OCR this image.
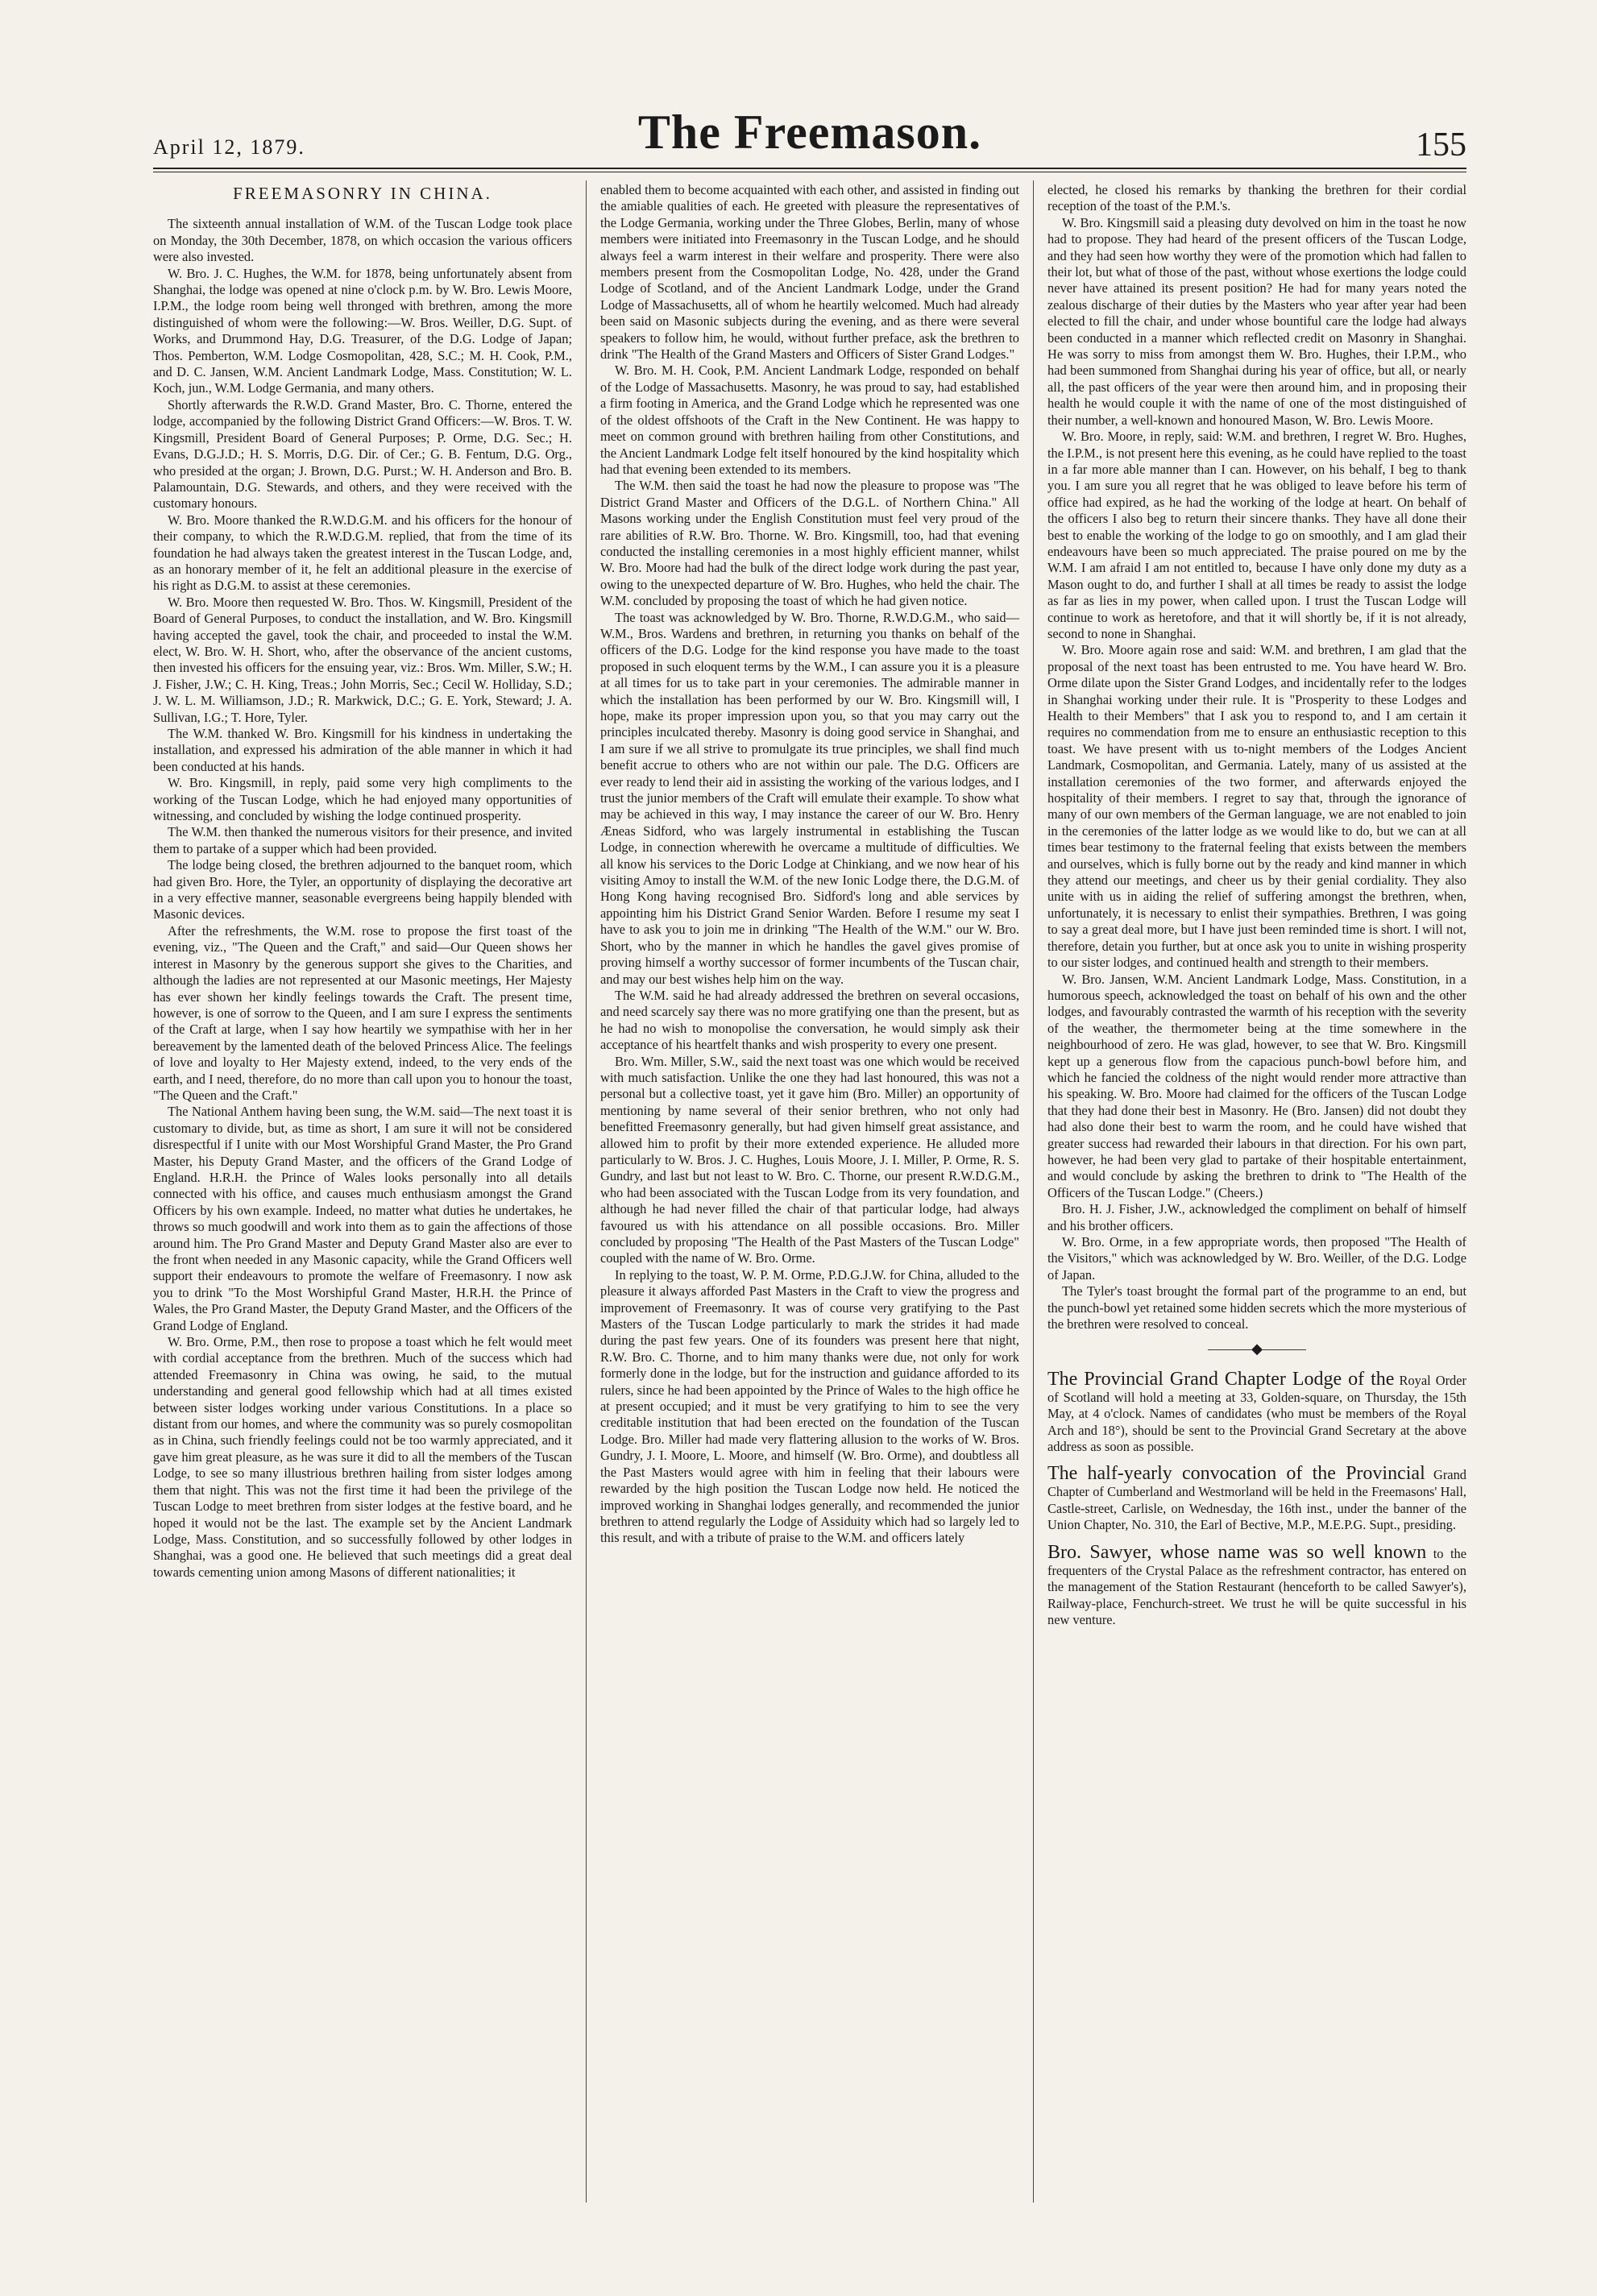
April 12, 1879.	The Freemason.	155
FREEMASONRY IN CHINA.

The sixteenth annual installation of W.M. of the Tuscan Lodge took place on Monday, the 30th December, 1878, on which occasion the various officers were also invested.

W. Bro. J. C. Hughes, the W.M. for 1878, being unfortunately absent from Shanghai, the lodge was opened at nine o'clock p.m. by W. Bro. Lewis Moore, I.P.M., the lodge room being well thronged with brethren, among the more distinguished of whom were the following:—W. Bros. Weiller, D.G. Supt. of Works, and Drummond Hay, D.G. Treasurer, of the D.G. Lodge of Japan; Thos. Pemberton, W.M. Lodge Cosmopolitan, 428, S.C.; M. H. Cook, P.M., and D. C. Jansen, W.M. Ancient Landmark Lodge, Mass. Constitution; W. L. Koch, jun., W.M. Lodge Germania, and many others.

Shortly afterwards the R.W.D. Grand Master, Bro. C. Thorne, entered the lodge, accompanied by the following District Grand Officers:—W. Bros. T. W. Kingsmill, President Board of General Purposes; P. Orme, D.G. Sec.; H. Evans, D.G.J.D.; H. S. Morris, D.G. Dir. of Cer.; G. B. Fentum, D.G. Org., who presided at the organ; J. Brown, D.G. Purst.; W. H. Anderson and Bro. B. Palamountain, D.G. Stewards, and others, and they were received with the customary honours.

W. Bro. Moore thanked the R.W.D.G.M. and his officers for the honour of their company, to which the R.W.D.G.M. replied, that from the time of its foundation he had always taken the greatest interest in the Tuscan Lodge, and, as an honorary member of it, he felt an additional pleasure in the exercise of his right as D.G.M. to assist at these ceremonies.

W. Bro. Moore then requested W. Bro. Thos. W. Kingsmill, President of the Board of General Purposes, to conduct the installation, and W. Bro. Kingsmill having accepted the gavel, took the chair, and proceeded to instal the W.M. elect, W. Bro. W. H. Short, who, after the observance of the ancient customs, then invested his officers for the ensuing year, viz.: Bros. Wm. Miller, S.W.; H. J. Fisher, J.W.; C. H. King, Treas.; John Morris, Sec.; Cecil W. Holliday, S.D.; J. W. L. M. Williamson, J.D.; R. Markwick, D.C.; G. E. York, Steward; J. A. Sullivan, I.G.; T. Hore, Tyler.

The W.M. thanked W. Bro. Kingsmill for his kindness in undertaking the installation, and expressed his admiration of the able manner in which it had been conducted at his hands.

W. Bro. Kingsmill, in reply, paid some very high compliments to the working of the Tuscan Lodge, which he had enjoyed many opportunities of witnessing, and concluded by wishing the lodge continued prosperity.

The W.M. then thanked the numerous visitors for their presence, and invited them to partake of a supper which had been provided.

The lodge being closed, the brethren adjourned to the banquet room, which had given Bro. Hore, the Tyler, an opportunity of displaying the decorative art in a very effective manner, seasonable evergreens being happily blended with Masonic devices.

After the refreshments, the W.M. rose to propose the first toast of the evening, viz., "The Queen and the Craft," and said—Our Queen shows her interest in Masonry by the generous support she gives to the Charities, and although the ladies are not represented at our Masonic meetings, Her Majesty has ever shown her kindly feelings towards the Craft. The present time, however, is one of sorrow to the Queen, and I am sure I express the sentiments of the Craft at large, when I say how heartily we sympathise with her in her bereavement by the lamented death of the beloved Princess Alice. The feelings of love and loyalty to Her Majesty extend, indeed, to the very ends of the earth, and I need, therefore, do no more than call upon you to honour the toast, "The Queen and the Craft."

The National Anthem having been sung, the W.M. said—The next toast it is customary to divide, but, as time as short, I am sure it will not be considered disrespectful if I unite with our Most Worshipful Grand Master, the Pro Grand Master, his Deputy Grand Master, and the officers of the Grand Lodge of England. H.R.H. the Prince of Wales looks personally into all details connected with his office, and causes much enthusiasm amongst the Grand Officers by his own example. Indeed, no matter what duties he undertakes, he throws so much goodwill and work into them as to gain the affections of those around him. The Pro Grand Master and Deputy Grand Master also are ever to the front when needed in any Masonic capacity, while the Grand Officers well support their endeavours to promote the welfare of Freemasonry. I now ask you to drink "To the Most Worshipful Grand Master, H.R.H. the Prince of Wales, the Pro Grand Master, the Deputy Grand Master, and the Officers of the Grand Lodge of England.

W. Bro. Orme, P.M., then rose to propose a toast which he felt would meet with cordial acceptance from the brethren. Much of the success which had attended Freemasonry in China was owing, he said, to the mutual understanding and general good fellowship which had at all times existed between sister lodges working under various Constitutions. In a place so distant from our homes, and where the community was so purely cosmopolitan as in China, such friendly feelings could not be too warmly appreciated, and it gave him great pleasure, as he was sure it did to all the members of the Tuscan Lodge, to see so many illustrious brethren hailing from sister lodges among them that night. This was not the first time it had been the privilege of the Tuscan Lodge to meet brethren from sister lodges at the festive board, and he hoped it would not be the last. The example set by the Ancient Landmark Lodge, Mass. Constitution, and so successfully followed by other lodges in Shanghai, was a good one. He believed that such meetings did a great deal towards cementing union among Masons of different nationalities; it

enabled them to become acquainted with each other, and assisted in finding out the amiable qualities of each. He greeted with pleasure the representatives of the Lodge Germania, working under the Three Globes, Berlin, many of whose members were initiated into Freemasonry in the Tuscan Lodge, and he should always feel a warm interest in their welfare and prosperity. There were also members present from the Cosmopolitan Lodge, No. 428, under the Grand Lodge of Scotland, and of the Ancient Landmark Lodge, under the Grand Lodge of Massachusetts, all of whom he heartily welcomed. Much had already been said on Masonic subjects during the evening, and as there were several speakers to follow him, he would, without further preface, ask the brethren to drink "The Health of the Grand Masters and Officers of Sister Grand Lodges."

W. Bro. M. H. Cook, P.M. Ancient Landmark Lodge, responded on behalf of the Lodge of Massachusetts. Masonry, he was proud to say, had established a firm footing in America, and the Grand Lodge which he represented was one of the oldest offshoots of the Craft in the New Continent. He was happy to meet on common ground with brethren hailing from other Constitutions, and the Ancient Landmark Lodge felt itself honoured by the kind hospitality which had that evening been extended to its members.

The W.M. then said the toast he had now the pleasure to propose was "The District Grand Master and Officers of the D.G.L. of Northern China." All Masons working under the English Constitution must feel very proud of the rare abilities of R.W. Bro. Thorne. W. Bro. Kingsmill, too, had that evening conducted the installing ceremonies in a most highly efficient manner, whilst W. Bro. Moore had had the bulk of the direct lodge work during the past year, owing to the unexpected departure of W. Bro. Hughes, who held the chair. The W.M. concluded by proposing the toast of which he had given notice.

The toast was acknowledged by W. Bro. Thorne, R.W.D.G.M., who said—W.M., Bros. Wardens and brethren, in returning you thanks on behalf of the officers of the D.G. Lodge for the kind response you have made to the toast proposed in such eloquent terms by the W.M., I can assure you it is a pleasure at all times for us to take part in your ceremonies. The admirable manner in which the installation has been performed by our W. Bro. Kingsmill will, I hope, make its proper impression upon you, so that you may carry out the principles inculcated thereby. Masonry is doing good service in Shanghai, and I am sure if we all strive to promulgate its true principles, we shall find much benefit accrue to others who are not within our pale. The D.G. Officers are ever ready to lend their aid in assisting the working of the various lodges, and I trust the junior members of the Craft will emulate their example. To show what may be achieved in this way, I may instance the career of our W. Bro. Henry Æneas Sidford, who was largely instrumental in establishing the Tuscan Lodge, in connection wherewith he overcame a multitude of difficulties. We all know his services to the Doric Lodge at Chinkiang, and we now hear of his visiting Amoy to install the W.M. of the new Ionic Lodge there, the D.G.M. of Hong Kong having recognised Bro. Sidford's long and able services by appointing him his District Grand Senior Warden. Before I resume my seat I have to ask you to join me in drinking "The Health of the W.M." our W. Bro. Short, who by the manner in which he handles the gavel gives promise of proving himself a worthy successor of former incumbents of the Tuscan chair, and may our best wishes help him on the way.

The W.M. said he had already addressed the brethren on several occasions, and need scarcely say there was no more gratifying one than the present, but as he had no wish to monopolise the conversation, he would simply ask their acceptance of his heartfelt thanks and wish prosperity to every one present.

Bro. Wm. Miller, S.W., said the next toast was one which would be received with much satisfaction. Unlike the one they had last honoured, this was not a personal but a collective toast, yet it gave him (Bro. Miller) an opportunity of mentioning by name several of their senior brethren, who not only had benefitted Freemasonry generally, but had given himself great assistance, and allowed him to profit by their more extended experience. He alluded more particularly to W. Bros. J. C. Hughes, Louis Moore, J. I. Miller, P. Orme, R. S. Gundry, and last but not least to W. Bro. C. Thorne, our present R.W.D.G.M., who had been associated with the Tuscan Lodge from its very foundation, and although he had never filled the chair of that particular lodge, had always favoured us with his attendance on all possible occasions. Bro. Miller concluded by proposing "The Health of the Past Masters of the Tuscan Lodge" coupled with the name of W. Bro. Orme.

In replying to the toast, W. P. M. Orme, P.D.G.J.W. for China, alluded to the pleasure it always afforded Past Masters in the Craft to view the progress and improvement of Freemasonry. It was of course very gratifying to the Past Masters of the Tuscan Lodge particularly to mark the strides it had made during the past few years. One of its founders was present here that night, R.W. Bro. C. Thorne, and to him many thanks were due, not only for work formerly done in the lodge, but for the instruction and guidance afforded to its rulers, since he had been appointed by the Prince of Wales to the high office he at present occupied; and it must be very gratifying to him to see the very creditable institution that had been erected on the foundation of the Tuscan Lodge. Bro. Miller had made very flattering allusion to the works of W. Bros. Gundry, J. I. Moore, L. Moore, and himself (W. Bro. Orme), and doubtless all the Past Masters would agree with him in feeling that their labours were rewarded by the high position the Tuscan Lodge now held. He noticed the improved working in Shanghai lodges generally, and recommended the junior brethren to attend regularly the Lodge of Assiduity which had so largely led to this result, and with a tribute of praise to the W.M. and officers lately

elected, he closed his remarks by thanking the brethren for their cordial reception of the toast of the P.M.'s.

W. Bro. Kingsmill said a pleasing duty devolved on him in the toast he now had to propose. They had heard of the present officers of the Tuscan Lodge, and they had seen how worthy they were of the promotion which had fallen to their lot, but what of those of the past, without whose exertions the lodge could never have attained its present position? He had for many years noted the zealous discharge of their duties by the Masters who year after year had been elected to fill the chair, and under whose bountiful care the lodge had always been conducted in a manner which reflected credit on Masonry in Shanghai. He was sorry to miss from amongst them W. Bro. Hughes, their I.P.M., who had been summoned from Shanghai during his year of office, but all, or nearly all, the past officers of the year were then around him, and in proposing their health he would couple it with the name of one of the most distinguished of their number, a well-known and honoured Mason, W. Bro. Lewis Moore.

W. Bro. Moore, in reply, said: W.M. and brethren, I regret W. Bro. Hughes, the I.P.M., is not present here this evening, as he could have replied to the toast in a far more able manner than I can. However, on his behalf, I beg to thank you. I am sure you all regret that he was obliged to leave before his term of office had expired, as he had the working of the lodge at heart. On behalf of the officers I also beg to return their sincere thanks. They have all done their best to enable the working of the lodge to go on smoothly, and I am glad their endeavours have been so much appreciated. The praise poured on me by the W.M. I am afraid I am not entitled to, because I have only done my duty as a Mason ought to do, and further I shall at all times be ready to assist the lodge as far as lies in my power, when called upon. I trust the Tuscan Lodge will continue to work as heretofore, and that it will shortly be, if it is not already, second to none in Shanghai.

W. Bro. Moore again rose and said: W.M. and brethren, I am glad that the proposal of the next toast has been entrusted to me. You have heard W. Bro. Orme dilate upon the Sister Grand Lodges, and incidentally refer to the lodges in Shanghai working under their rule. It is "Prosperity to these Lodges and Health to their Members" that I ask you to respond to, and I am certain it requires no commendation from me to ensure an enthusiastic reception to this toast. We have present with us to-night members of the Lodges Ancient Landmark, Cosmopolitan, and Germania. Lately, many of us assisted at the installation ceremonies of the two former, and afterwards enjoyed the hospitality of their members. I regret to say that, through the ignorance of many of our own members of the German language, we are not enabled to join in the ceremonies of the latter lodge as we would like to do, but we can at all times bear testimony to the fraternal feeling that exists between the members and ourselves, which is fully borne out by the ready and kind manner in which they attend our meetings, and cheer us by their genial cordiality. They also unite with us in aiding the relief of suffering amongst the brethren, when, unfortunately, it is necessary to enlist their sympathies. Brethren, I was going to say a great deal more, but I have just been reminded time is short. I will not, therefore, detain you further, but at once ask you to unite in wishing prosperity to our sister lodges, and continued health and strength to their members.

W. Bro. Jansen, W.M. Ancient Landmark Lodge, Mass. Constitution, in a humorous speech, acknowledged the toast on behalf of his own and the other lodges, and favourably contrasted the warmth of his reception with the severity of the weather, the thermometer being at the time somewhere in the neighbourhood of zero. He was glad, however, to see that W. Bro. Kingsmill kept up a generous flow from the capacious punch-bowl before him, and which he fancied the coldness of the night would render more attractive than his speaking. W. Bro. Moore had claimed for the officers of the Tuscan Lodge that they had done their best in Masonry. He (Bro. Jansen) did not doubt they had also done their best to warm the room, and he could have wished that greater success had rewarded their labours in that direction. For his own part, however, he had been very glad to partake of their hospitable entertainment, and would conclude by asking the brethren to drink to "The Health of the Officers of the Tuscan Lodge." (Cheers.)

Bro. H. J. Fisher, J.W., acknowledged the compliment on behalf of himself and his brother officers.

W. Bro. Orme, in a few appropriate words, then proposed "The Health of the Visitors," which was acknowledged by W. Bro. Weiller, of the D.G. Lodge of Japan.

The Tyler's toast brought the formal part of the programme to an end, but the punch-bowl yet retained some hidden secrets which the more mysterious of the brethren were resolved to conceal.

———◆———

The Provincial Grand Chapter Lodge of the Royal Order of Scotland will hold a meeting at 33, Golden-square, on Thursday, the 15th May, at 4 o'clock. Names of candidates (who must be members of the Royal Arch and 18°), should be sent to the Provincial Grand Secretary at the above address as soon as possible.

The half-yearly convocation of the Provincial Grand Chapter of Cumberland and Westmorland will be held in the Freemasons' Hall, Castle-street, Carlisle, on Wednesday, the 16th inst., under the banner of the Union Chapter, No. 310, the Earl of Bective, M.P., M.E.P.G. Supt., presiding.

Bro. Sawyer, whose name was so well known to the frequenters of the Crystal Palace as the refreshment contractor, has entered on the management of the Station Restaurant (henceforth to be called Sawyer's), Railway-place, Fenchurch-street. We trust he will be quite successful in his new venture.
